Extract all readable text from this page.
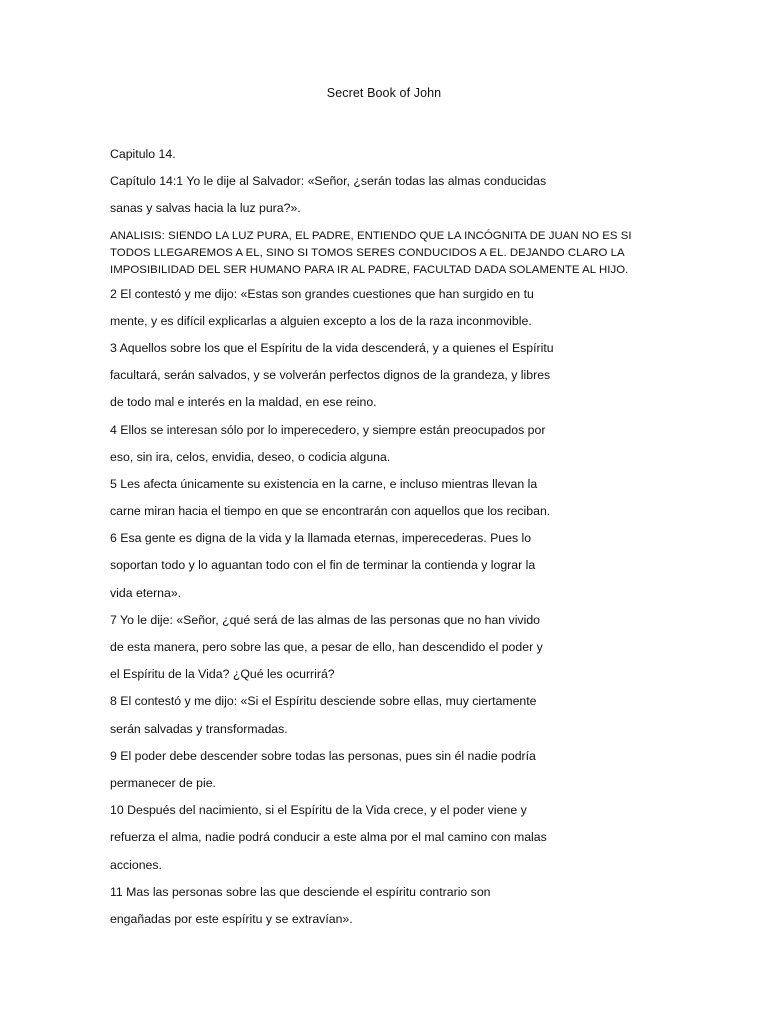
Secret Book of John
Capitulo 14.
Capítulo 14:1 Yo le dije al Salvador: «Señor, ¿serán todas las almas conducidas
sanas y salvas hacia la luz pura?».
ANALISIS: SIENDO LA LUZ PURA, EL PADRE, ENTIENDO QUE LA INCÓGNITA DE JUAN NO ES SI
TODOS LLEGAREMOS A EL, SINO SI TOMOS SERES CONDUCIDOS A EL. DEJANDO CLARO LA
IMPOSIBILIDAD DEL SER HUMANO PARA IR AL PADRE, FACULTAD DADA SOLAMENTE AL HIJO.
2 El contestó y me dijo: «Estas son grandes cuestiones que han surgido en tu
mente, y es difícil explicarlas a alguien excepto a los de la raza inconmovible.
3 Aquellos sobre los que el Espíritu de la vida descenderá, y a quienes el Espíritu
facultará, serán salvados, y se volverán perfectos dignos de la grandeza, y libres
de todo mal e interés en la maldad, en ese reino.
4 Ellos se interesan sólo por lo imperecedero, y siempre están preocupados por
eso, sin ira, celos, envidia, deseo, o codicia alguna.
5 Les afecta únicamente su existencia en la carne, e incluso mientras llevan la
carne miran hacia el tiempo en que se encontrarán con aquellos que los reciban.
6 Esa gente es digna de la vida y la llamada eternas, imperecederas. Pues lo
soportan todo y lo aguantan todo con el fin de terminar la contienda y lograr la
vida eterna».
7 Yo le dije: «Señor, ¿qué será de las almas de las personas que no han vivido
de esta manera, pero sobre las que, a pesar de ello, han descendido el poder y
el Espíritu de la Vida? ¿Qué les ocurrirá?
8 El contestó y me dijo: «Si el Espíritu desciende sobre ellas, muy ciertamente
serán salvadas y transformadas.
9 El poder debe descender sobre todas las personas, pues sin él nadie podría
permanecer de pie.
10 Después del nacimiento, si el Espíritu de la Vida crece, y el poder viene y
refuerza el alma, nadie podrá conducir a este alma por el mal camino con malas
acciones.
11 Mas las personas sobre las que desciende el espíritu contrario son
engañadas por este espíritu y se extravían».
